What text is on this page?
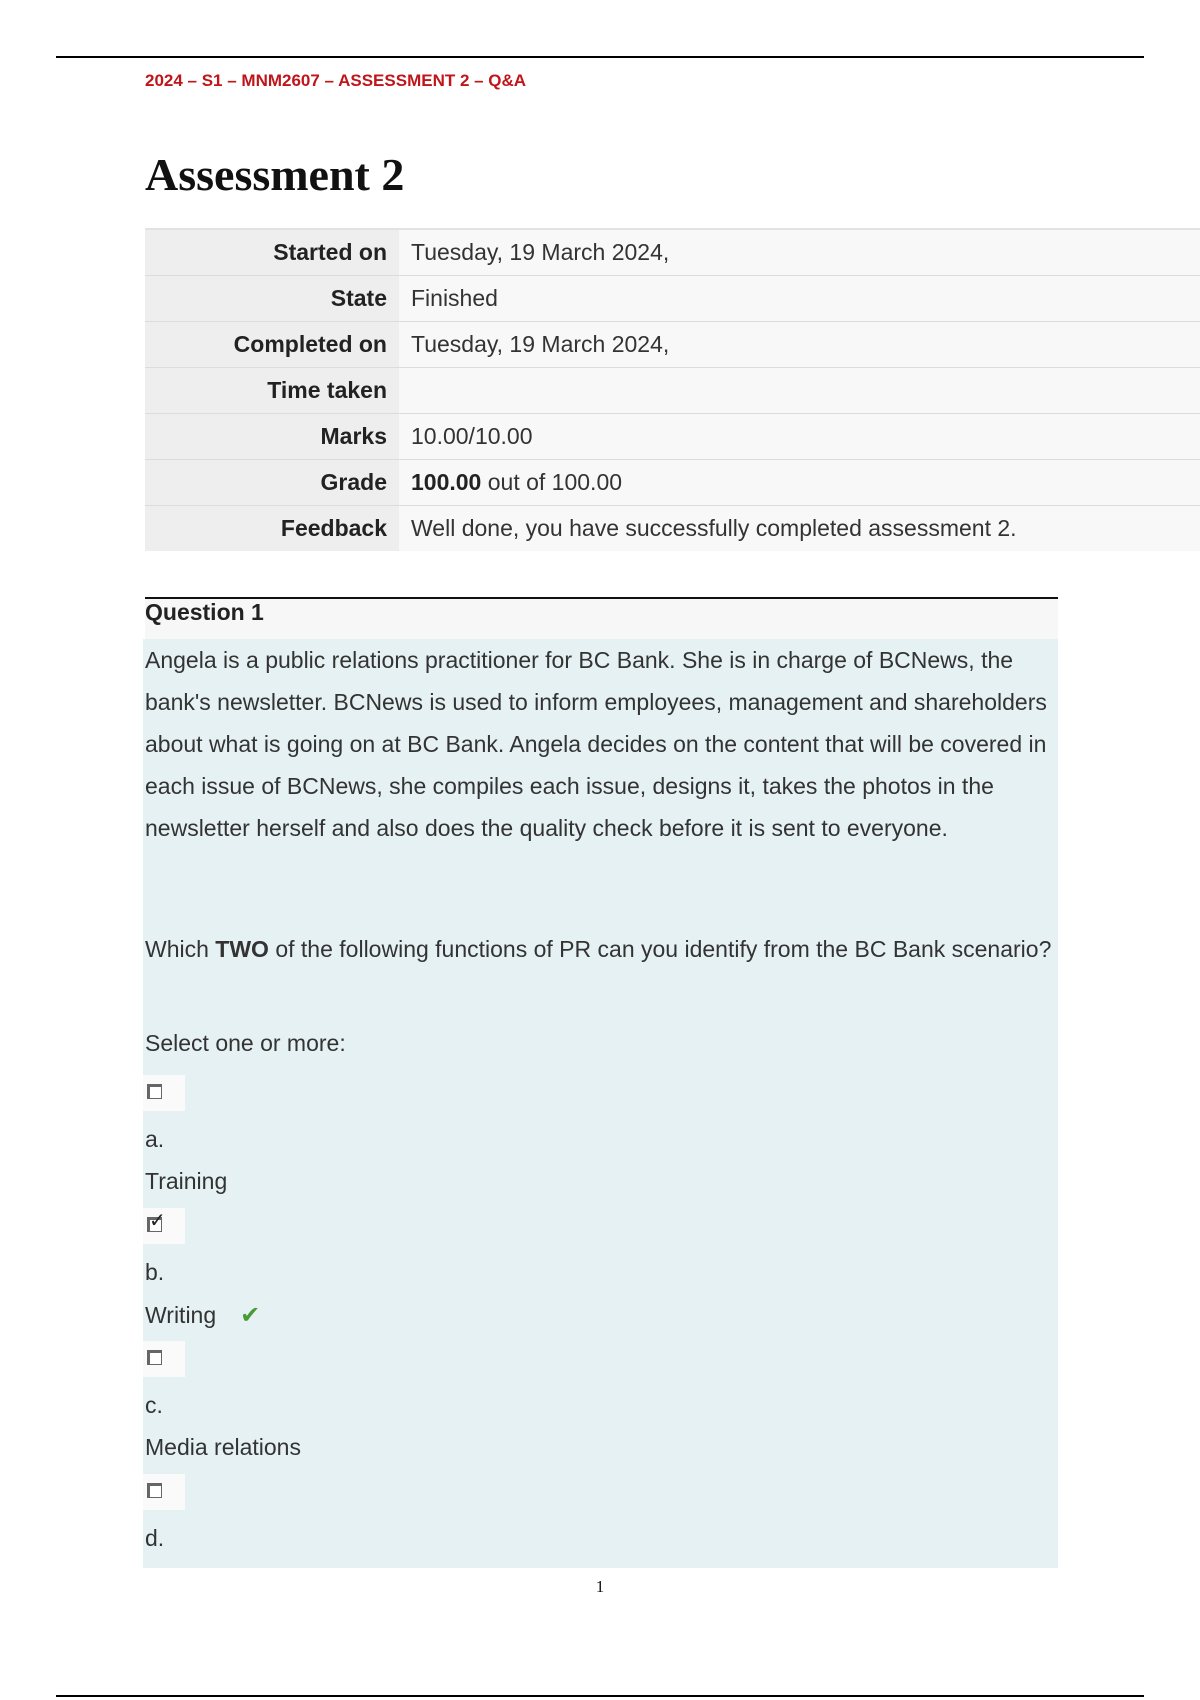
2024 – S1 – MNM2607 – ASSESSMENT 2 – Q&A
Assessment 2
Started on	Tuesday, 19 March 2024,
State	Finished
Completed on	Tuesday, 19 March 2024,
Time taken	
Marks	10.00/10.00
Grade	100.00 out of 100.00
Feedback	Well done, you have successfully completed assessment 2.
Question 1

Angela is a public relations practitioner for BC Bank. She is in charge of BCNews, the bank's newsletter. BCNews is used to inform employees, management and shareholders about what is going on at BC Bank. Angela decides on the content that will be covered in each issue of BCNews, she compiles each issue, designs it, takes the photos in the newsletter herself and also does the quality check before it is sent to everyone.

Which TWO of the following functions of PR can you identify from the BC Bank scenario?

Select one or more:
a.
Training
✓
b.
Writing ✔
c.
Media relations
d.
1
